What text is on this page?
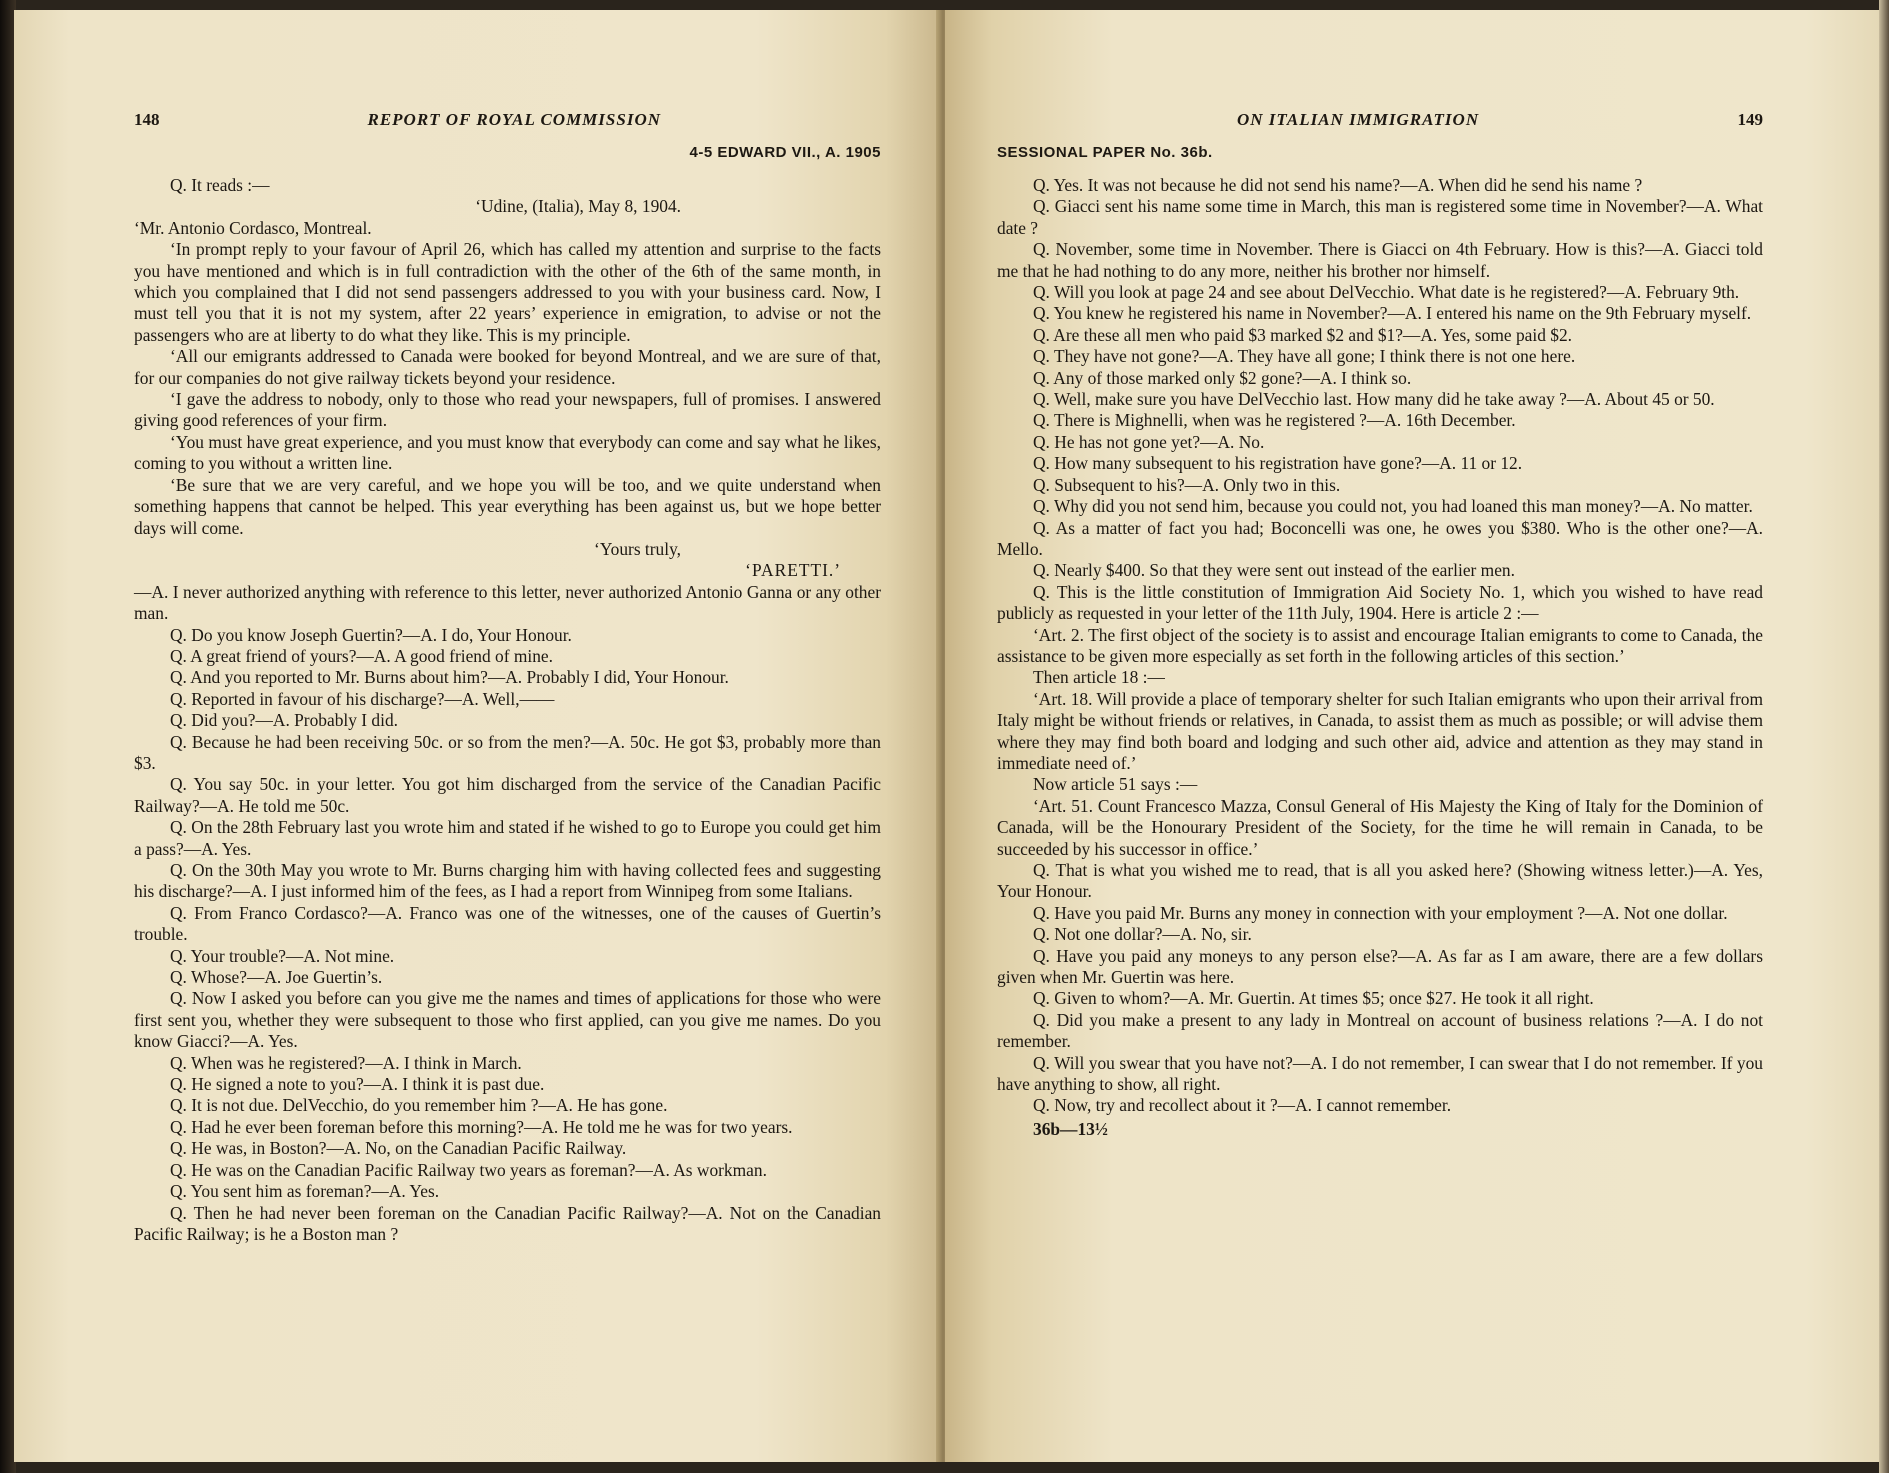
148	REPORT OF ROYAL COMMISSION
4-5 EDWARD VII., A. 1905

Q. It reads :—

‘Udine, (Italia), May 8, 1904.

‘Mr. Antonio Cordasco, Montreal.

‘In prompt reply to your favour of April 26, which has called my attention and surprise to the facts you have mentioned and which is in full contradiction with the other of the 6th of the same month, in which you complained that I did not send passengers addressed to you with your business card. Now, I must tell you that it is not my system, after 22 years’ experience in emigration, to advise or not the passengers who are at liberty to do what they like. This is my principle.

‘All our emigrants addressed to Canada were booked for beyond Montreal, and we are sure of that, for our companies do not give railway tickets beyond your residence.

‘I gave the address to nobody, only to those who read your newspapers, full of promises. I answered giving good references of your firm.

‘You must have great experience, and you must know that everybody can come and say what he likes, coming to you without a written line.

‘Be sure that we are very careful, and we hope you will be too, and we quite understand when something happens that cannot be helped. This year everything has been against us, but we hope better days will come.

‘Yours truly,

‘PARETTI.’

—A. I never authorized anything with reference to this letter, never authorized Antonio Ganna or any other man.

Q. Do you know Joseph Guertin?—A. I do, Your Honour.

Q. A great friend of yours?—A. A good friend of mine.

Q. And you reported to Mr. Burns about him?—A. Probably I did, Your Honour.

Q. Reported in favour of his discharge?—A. Well,——

Q. Did you?—A. Probably I did.

Q. Because he had been receiving 50c. or so from the men?—A. 50c. He got $3, probably more than $3.

Q. You say 50c. in your letter. You got him discharged from the service of the Canadian Pacific Railway?—A. He told me 50c.

Q. On the 28th February last you wrote him and stated if he wished to go to Europe you could get him a pass?—A. Yes.

Q. On the 30th May you wrote to Mr. Burns charging him with having collected fees and suggesting his discharge?—A. I just informed him of the fees, as I had a report from Winnipeg from some Italians.

Q. From Franco Cordasco?—A. Franco was one of the witnesses, one of the causes of Guertin’s trouble.

Q. Your trouble?—A. Not mine.

Q. Whose?—A. Joe Guertin’s.

Q. Now I asked you before can you give me the names and times of applications for those who were first sent you, whether they were subsequent to those who first applied, can you give me names. Do you know Giacci?—A. Yes.

Q. When was he registered?—A. I think in March.

Q. He signed a note to you?—A. I think it is past due.

Q. It is not due. DelVecchio, do you remember him ?—A. He has gone.

Q. Had he ever been foreman before this morning?—A. He told me he was for two years.

Q. He was, in Boston?—A. No, on the Canadian Pacific Railway.

Q. He was on the Canadian Pacific Railway two years as foreman?—A. As workman.

Q. You sent him as foreman?—A. Yes.

Q. Then he had never been foreman on the Canadian Pacific Railway?—A. Not on the Canadian Pacific Railway; is he a Boston man ?

ON ITALIAN IMMIGRATION	149
SESSIONAL PAPER No. 36b.

Q. Yes. It was not because he did not send his name?—A. When did he send his name ?

Q. Giacci sent his name some time in March, this man is registered some time in November?—A. What date ?

Q. November, some time in November. There is Giacci on 4th February. How is this?—A. Giacci told me that he had nothing to do any more, neither his brother nor himself.

Q. Will you look at page 24 and see about DelVecchio. What date is he registered?—A. February 9th.

Q. You knew he registered his name in November?—A. I entered his name on the 9th February myself.

Q. Are these all men who paid $3 marked $2 and $1?—A. Yes, some paid $2.

Q. They have not gone?—A. They have all gone; I think there is not one here.

Q. Any of those marked only $2 gone?—A. I think so.

Q. Well, make sure you have DelVecchio last. How many did he take away ?—A. About 45 or 50.

Q. There is Mighnelli, when was he registered ?—A. 16th December.

Q. He has not gone yet?—A. No.

Q. How many subsequent to his registration have gone?—A. 11 or 12.

Q. Subsequent to his?—A. Only two in this.

Q. Why did you not send him, because you could not, you had loaned this man money?—A. No matter.

Q. As a matter of fact you had; Boconcelli was one, he owes you $380. Who is the other one?—A. Mello.

Q. Nearly $400. So that they were sent out instead of the earlier men.

Q. This is the little constitution of Immigration Aid Society No. 1, which you wished to have read publicly as requested in your letter of the 11th July, 1904. Here is article 2 :—

‘Art. 2. The first object of the society is to assist and encourage Italian emigrants to come to Canada, the assistance to be given more especially as set forth in the following articles of this section.’

Then article 18 :—

‘Art. 18. Will provide a place of temporary shelter for such Italian emigrants who upon their arrival from Italy might be without friends or relatives, in Canada, to assist them as much as possible; or will advise them where they may find both board and lodging and such other aid, advice and attention as they may stand in immediate need of.’

Now article 51 says :—

‘Art. 51. Count Francesco Mazza, Consul General of His Majesty the King of Italy for the Dominion of Canada, will be the Honourary President of the Society, for the time he will remain in Canada, to be succeeded by his successor in office.’

Q. That is what you wished me to read, that is all you asked here? (Showing witness letter.)—A. Yes, Your Honour.

Q. Have you paid Mr. Burns any money in connection with your employment ?—A. Not one dollar.

Q. Not one dollar?—A. No, sir.

Q. Have you paid any moneys to any person else?—A. As far as I am aware, there are a few dollars given when Mr. Guertin was here.

Q. Given to whom?—A. Mr. Guertin. At times $5; once $27. He took it all right.

Q. Did you make a present to any lady in Montreal on account of business relations ?—A. I do not remember.

Q. Will you swear that you have not?—A. I do not remember, I can swear that I do not remember. If you have anything to show, all right.

Q. Now, try and recollect about it ?—A. I cannot remember.

36b—13½
